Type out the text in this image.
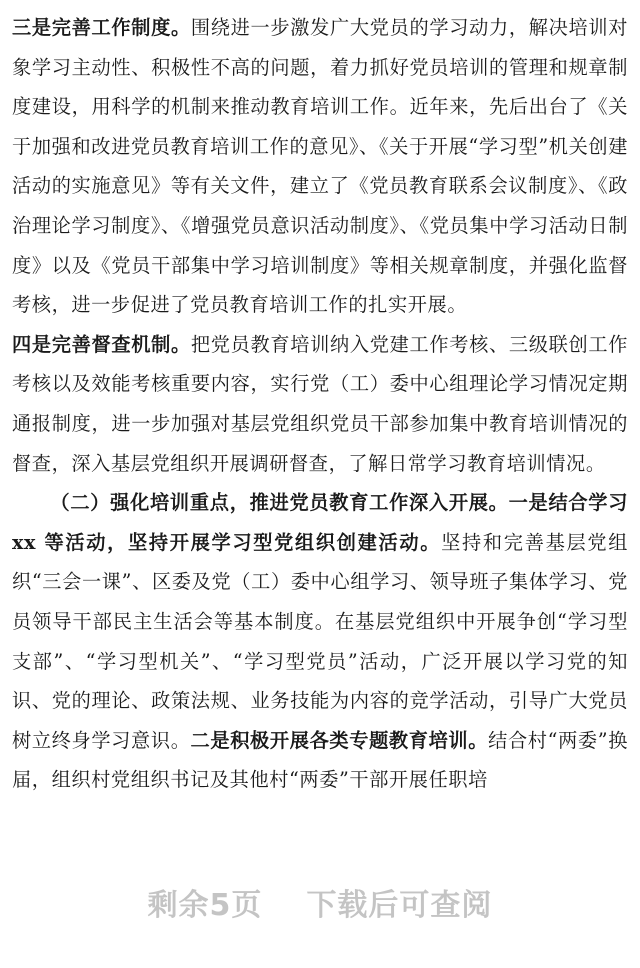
三是完善工作制度。围绕进一步激发广大党员的学习动力，解决培训对象学习主动性、积极性不高的问题，着力抓好党员培训的管理和规章制度建设，用科学的机制来推动教育培训工作。近年来，先后出台了《关于加强和改进党员教育培训工作的意见》、《关于开展“学习型”机关创建活动的实施意见》等有关文件，建立了《党员教育联系会议制度》、《政治理论学习制度》、《增强党员意识活动制度》、《党员集中学习活动日制度》以及《党员干部集中学习培训制度》等相关规章制度，并强化监督考核，进一步促进了党员教育培训工作的扎实开展。

四是完善督查机制。把党员教育培训纳入党建工作考核、三级联创工作考核以及效能考核重要内容，实行党（工）委中心组理论学习情况定期通报制度，进一步加强对基层党组织党员干部参加集中教育培训情况的督查，深入基层党组织开展调研督查，了解日常学习教育培训情况。

（二）强化培训重点，推进党员教育工作深入开展。一是结合学习 xx 等活动，坚持开展学习型党组织创建活动。坚持和完善基层党组织“三会一课”、区委及党（工）委中心组学习、领导班子集体学习、党员领导干部民主生活会等基本制度。在基层党组织中开展争创“学习型支部”、“学习型机关”、“学习型党员”活动，广泛开展以学习党的知识、党的理论、政策法规、业务技能为内容的竞学活动，引导广大党员树立终身学习意识。二是积极开展各类专题教育培训。结合村“两委”换届，组织村党组织书记及其他村“两委”干部开展任职培

剩余5页 下载后可查阅
